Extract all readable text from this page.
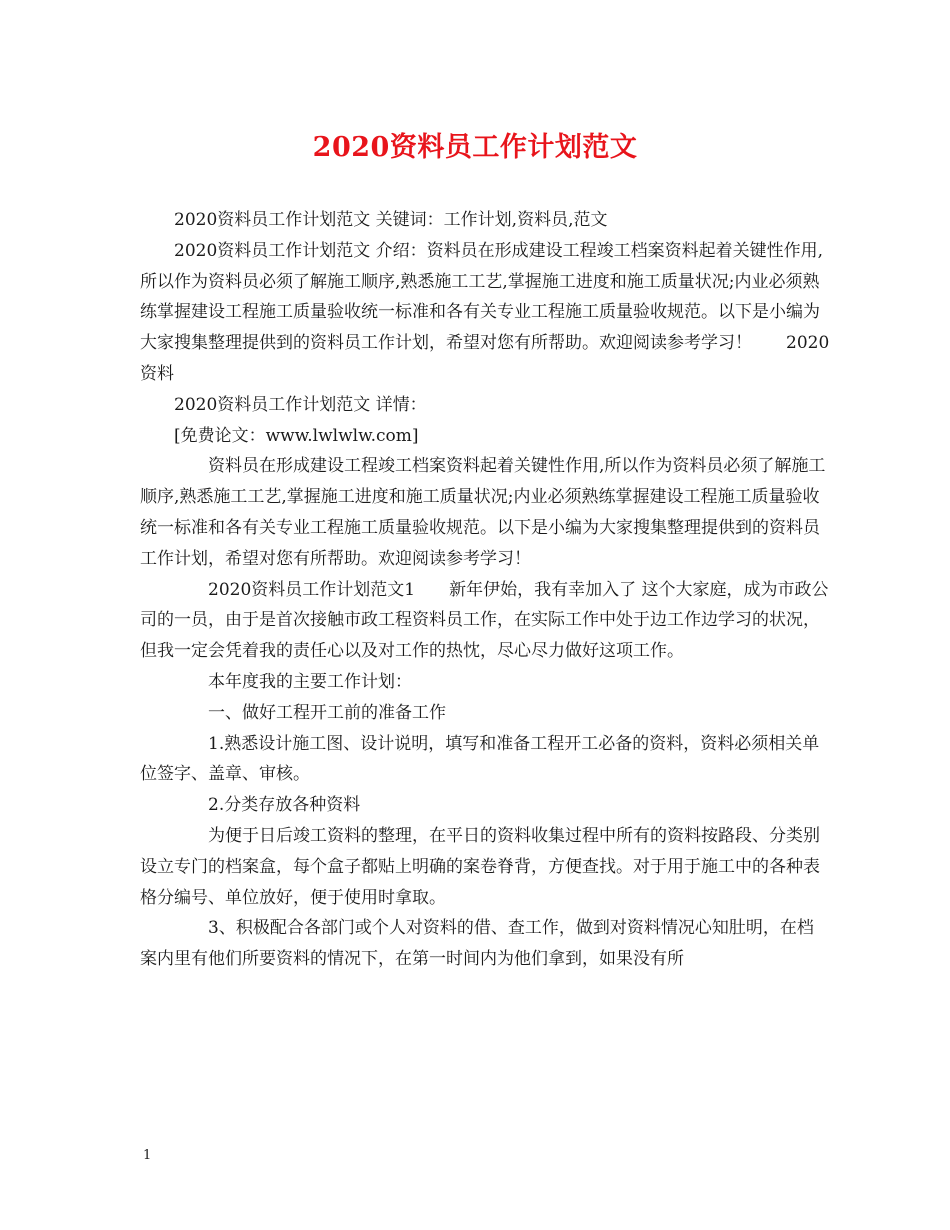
2020资料员工作计划范文

2020资料员工作计划范文 关键词：工作计划,资料员,范文

2020资料员工作计划范文 介绍：资料员在形成建设工程竣工档案资料起着关键性作用,所以作为资料员必须了解施工顺序,熟悉施工工艺,掌握施工进度和施工质量状况;内业必须熟练掌握建设工程施工质量验收统一标准和各有关专业工程施工质量验收规范。以下是小编为大家搜集整理提供到的资料员工作计划，希望对您有所帮助。欢迎阅读参考学习！　　2020资料

2020资料员工作计划范文 详情：

[免费论文：www.lwlwlw.com]

资料员在形成建设工程竣工档案资料起着关键性作用,所以作为资料员必须了解施工顺序,熟悉施工工艺,掌握施工进度和施工质量状况;内业必须熟练掌握建设工程施工质量验收统一标准和各有关专业工程施工质量验收规范。以下是小编为大家搜集整理提供到的资料员工作计划，希望对您有所帮助。欢迎阅读参考学习！

2020资料员工作计划范文1　　新年伊始，我有幸加入了 这个大家庭，成为市政公司的一员，由于是首次接触市政工程资料员工作，在实际工作中处于边工作边学习的状况，但我一定会凭着我的责任心以及对工作的热忱，尽心尽力做好这项工作。

本年度我的主要工作计划：

一、做好工程开工前的准备工作

1.熟悉设计施工图、设计说明，填写和准备工程开工必备的资料，资料必须相关单位签字、盖章、审核。

2.分类存放各种资料

为便于日后竣工资料的整理，在平日的资料收集过程中所有的资料按路段、分类别设立专门的档案盒，每个盒子都贴上明确的案卷脊背，方便查找。对于用于施工中的各种表格分编号、单位放好，便于使用时拿取。

3、积极配合各部门或个人对资料的借、查工作，做到对资料情况心知肚明，在档案内里有他们所要资料的情况下，在第一时间内为他们拿到，如果没有所

1
